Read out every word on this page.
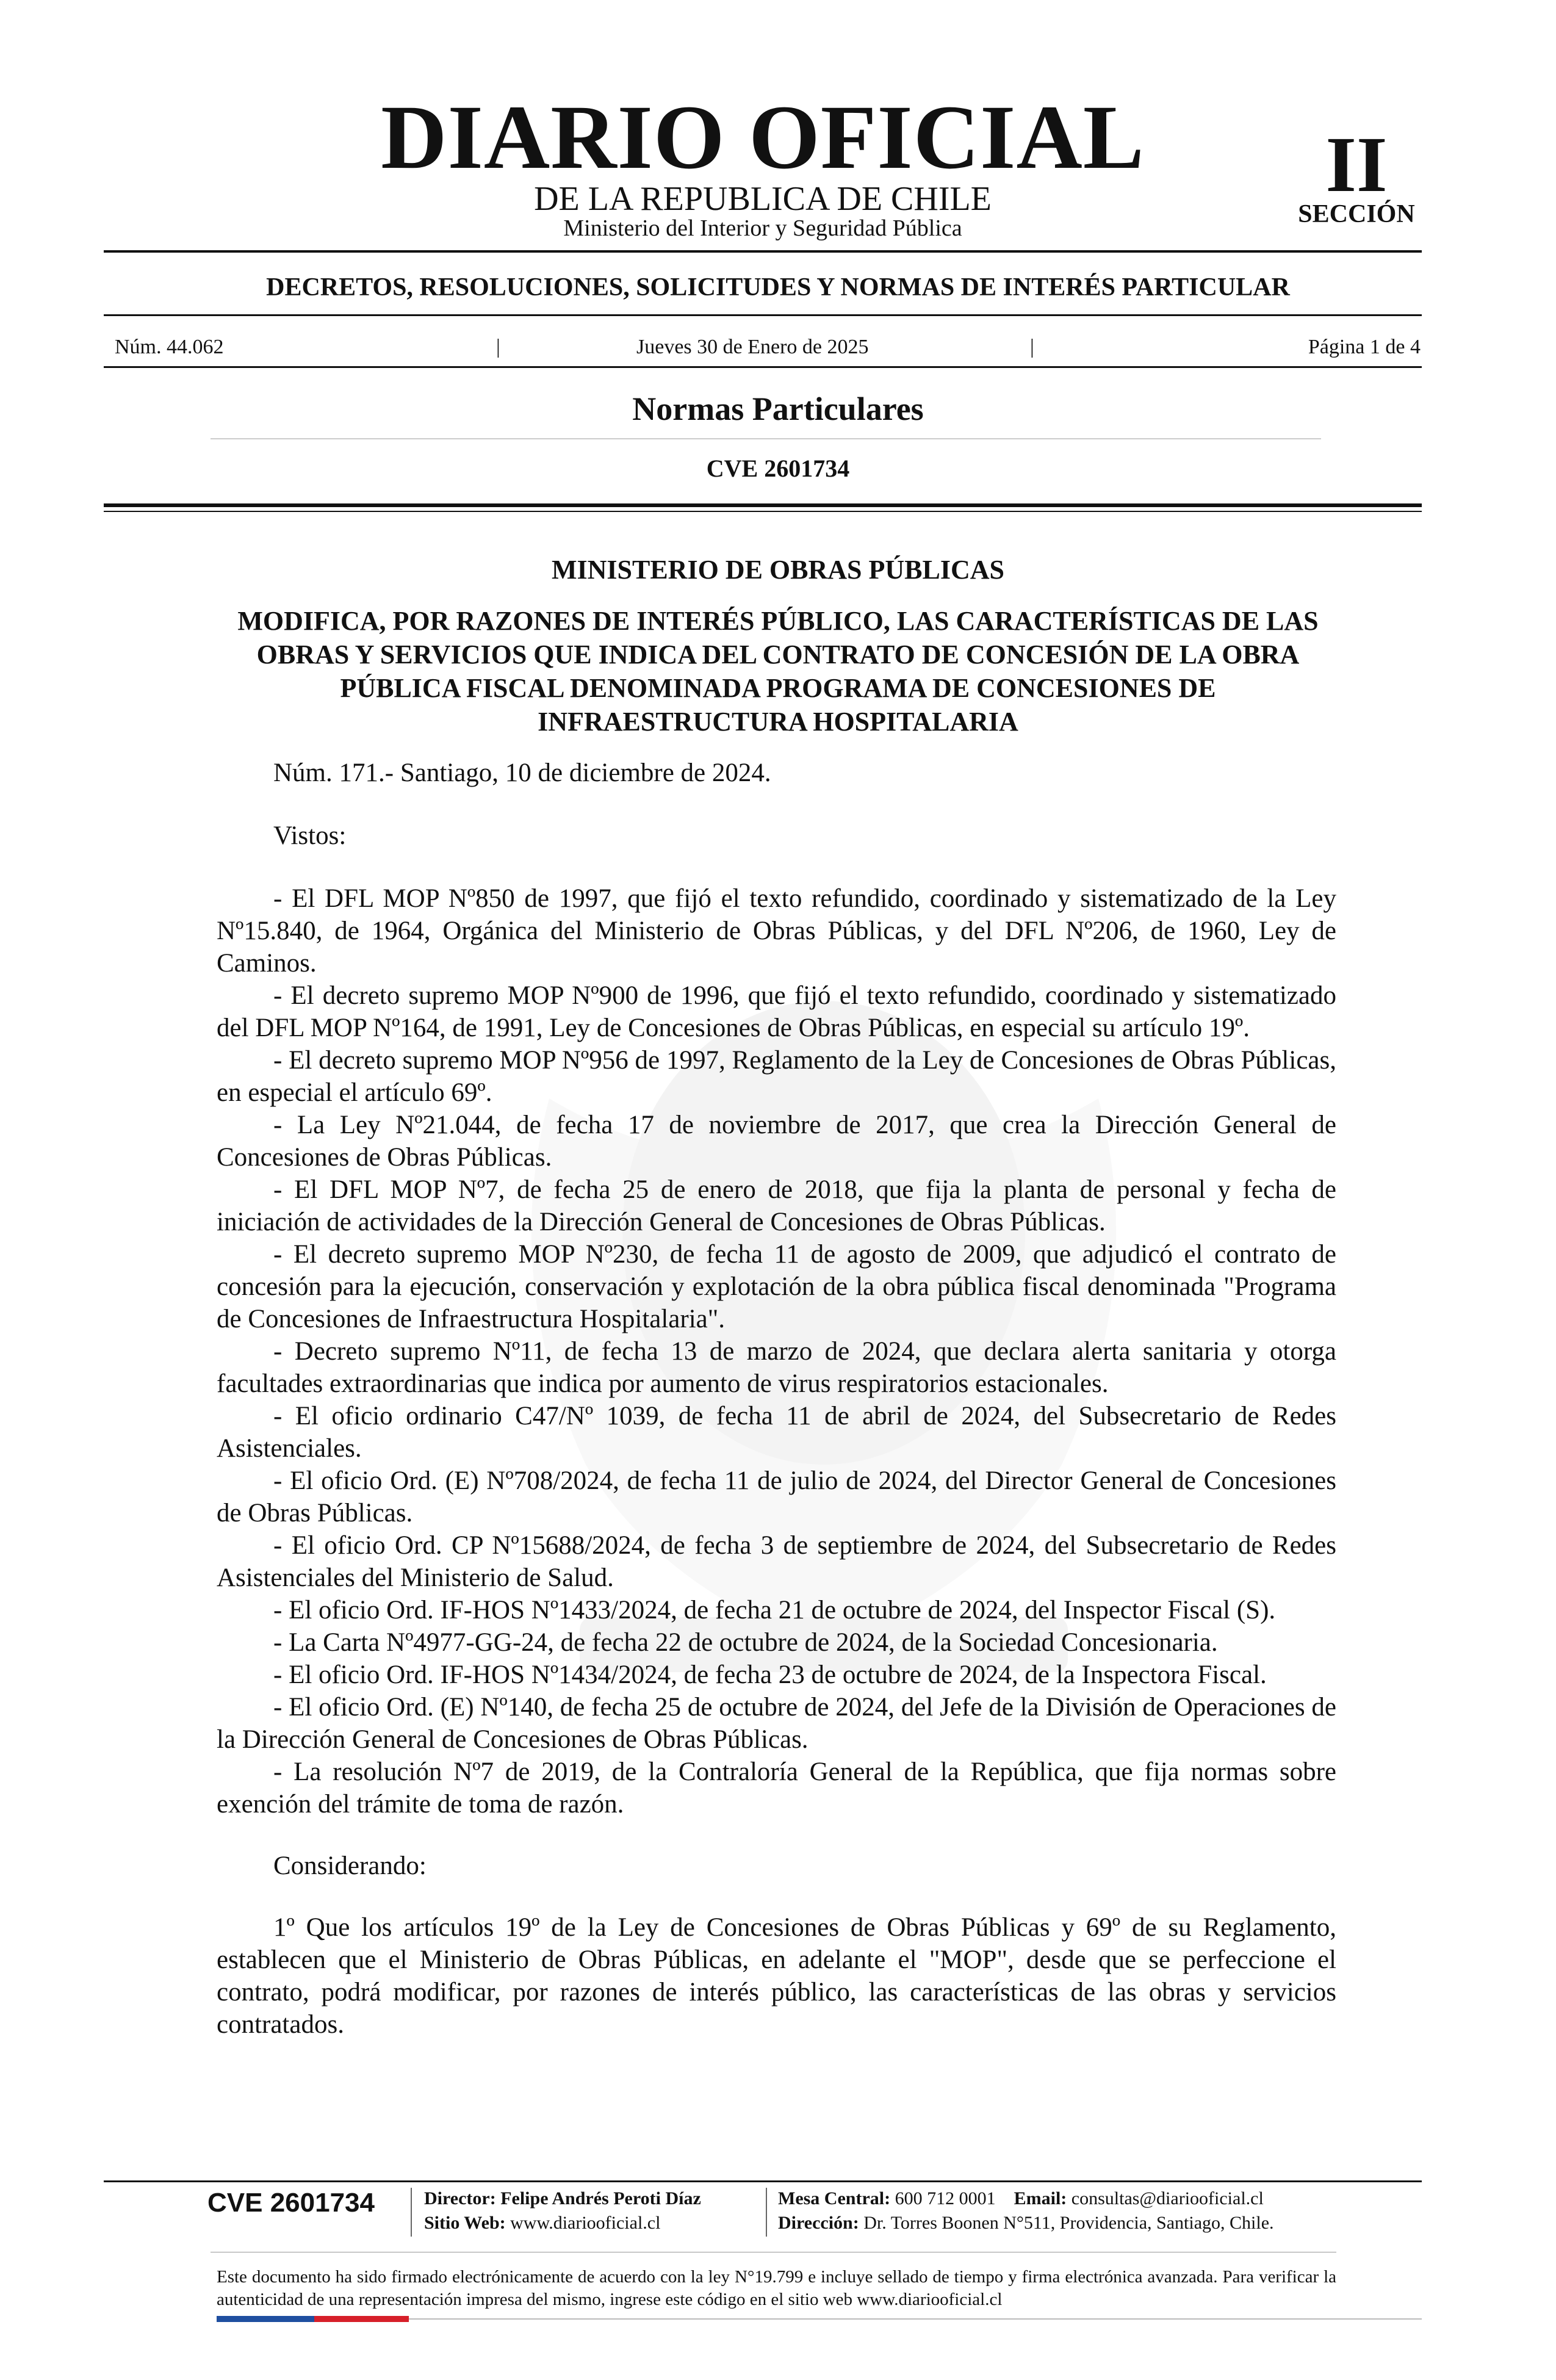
DIARIO OFICIAL
DE LA REPUBLICA DE CHILE
Ministerio del Interior y Seguridad Pública
II
SECCIÓN
DECRETOS, RESOLUCIONES, SOLICITUDES Y NORMAS DE INTERÉS PARTICULAR
Núm. 44.062	|	Jueves 30 de Enero de 2025	|	Página 1 de 4
Normas Particulares
CVE 2601734
MINISTERIO DE OBRAS PÚBLICAS
MODIFICA, POR RAZONES DE INTERÉS PÚBLICO, LAS CARACTERÍSTICAS DE LAS OBRAS Y SERVICIOS QUE INDICA DEL CONTRATO DE CONCESIÓN DE LA OBRA PÚBLICA FISCAL DENOMINADA PROGRAMA DE CONCESIONES DE INFRAESTRUCTURA HOSPITALARIA

Núm. 171.- Santiago, 10 de diciembre de 2024.

Vistos:

- El DFL MOP Nº850 de 1997, que fijó el texto refundido, coordinado y sistematizado de la Ley Nº15.840, de 1964, Orgánica del Ministerio de Obras Públicas, y del DFL Nº206, de 1960, Ley de Caminos.

- El decreto supremo MOP Nº900 de 1996, que fijó el texto refundido, coordinado y sistematizado del DFL MOP Nº164, de 1991, Ley de Concesiones de Obras Públicas, en especial su artículo 19º.

- El decreto supremo MOP Nº956 de 1997, Reglamento de la Ley de Concesiones de Obras Públicas, en especial el artículo 69º.

- La Ley Nº21.044, de fecha 17 de noviembre de 2017, que crea la Dirección General de Concesiones de Obras Públicas.

- El DFL MOP Nº7, de fecha 25 de enero de 2018, que fija la planta de personal y fecha de iniciación de actividades de la Dirección General de Concesiones de Obras Públicas.

- El decreto supremo MOP Nº230, de fecha 11 de agosto de 2009, que adjudicó el contrato de concesión para la ejecución, conservación y explotación de la obra pública fiscal denominada "Programa de Concesiones de Infraestructura Hospitalaria".

- Decreto supremo Nº11, de fecha 13 de marzo de 2024, que declara alerta sanitaria y otorga facultades extraordinarias que indica por aumento de virus respiratorios estacionales.

- El oficio ordinario C47/Nº 1039, de fecha 11 de abril de 2024, del Subsecretario de Redes Asistenciales.

- El oficio Ord. (E) Nº708/2024, de fecha 11 de julio de 2024, del Director General de Concesiones de Obras Públicas.

- El oficio Ord. CP Nº15688/2024, de fecha 3 de septiembre de 2024, del Subsecretario de Redes Asistenciales del Ministerio de Salud.

- El oficio Ord. IF-HOS Nº1433/2024, de fecha 21 de octubre de 2024, del Inspector Fiscal (S).

- La Carta Nº4977-GG-24, de fecha 22 de octubre de 2024, de la Sociedad Concesionaria.

- El oficio Ord. IF-HOS Nº1434/2024, de fecha 23 de octubre de 2024, de la Inspectora Fiscal.

- El oficio Ord. (E) Nº140, de fecha 25 de octubre de 2024, del Jefe de la División de Operaciones de la Dirección General de Concesiones de Obras Públicas.

- La resolución Nº7 de 2019, de la Contraloría General de la República, que fija normas sobre exención del trámite de toma de razón.

Considerando:

1º Que los artículos 19º de la Ley de Concesiones de Obras Públicas y 69º de su Reglamento, establecen que el Ministerio de Obras Públicas, en adelante el "MOP", desde que se perfeccione el contrato, podrá modificar, por razones de interés público, las características de las obras y servicios contratados.

CVE 2601734	Director: Felipe Andrés Peroti Díaz
Sitio Web: www.diariooficial.cl
Mesa Central: 600 712 0001 Email: consultas@diariooficial.cl
Dirección: Dr. Torres Boonen N°511, Providencia, Santiago, Chile.
Este documento ha sido firmado electrónicamente de acuerdo con la ley N°19.799 e incluye sellado de tiempo y firma electrónica avanzada. Para verificar la autenticidad de una representación impresa del mismo, ingrese este código en el sitio web www.diariooficial.cl
